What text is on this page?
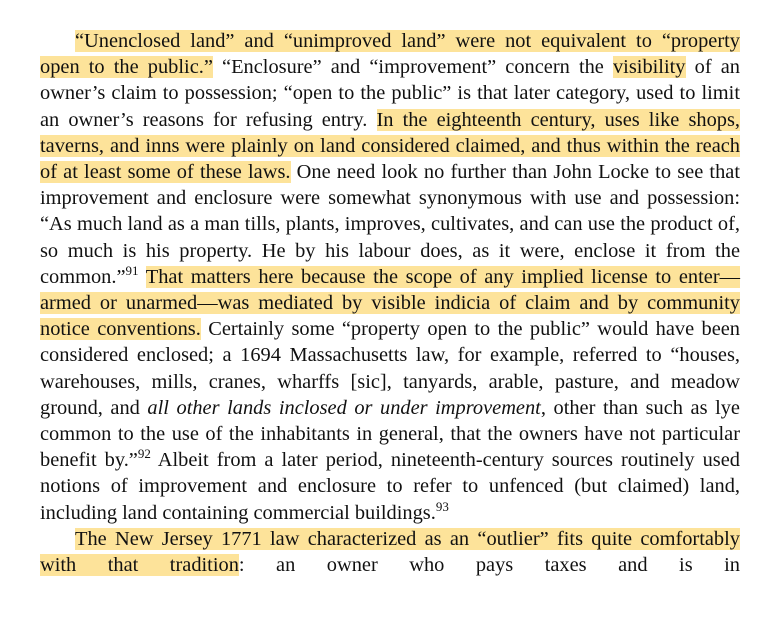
“Unenclosed land” and “unimproved land” were not equivalent to “property open to the public.” “Enclosure” and “improvement” concern the visibility of an owner’s claim to possession; “open to the public” is that later category, used to limit an owner’s reasons for refusing entry. In the eighteenth century, uses like shops, taverns, and inns were plainly on land considered claimed, and thus within the reach of at least some of these laws. One need look no further than John Locke to see that improvement and enclosure were somewhat synonymous with use and possession: “As much land as a man tills, plants, improves, cultivates, and can use the product of, so much is his property. He by his labour does, as it were, enclose it from the common.”$^{91}$ That matters here because the scope of any implied license to enter—armed or unarmed—was mediated by visible indicia of claim and by community notice conventions. Certainly some “property open to the public” would have been considered enclosed; a 1694 Massachusetts law, for example, referred to “houses, warehouses, mills, cranes, wharffs [sic], tanyards, arable, pasture, and meadow ground, and all other lands inclosed or under improvement, other than such as lye common to the use of the inhabitants in general, that the owners have not particular benefit by.”$^{92}$ Albeit from a later period, nineteenth-century sources routinely used notions of improvement and enclosure to refer to unfenced (but claimed) land, including land containing commercial buildings.$^{93}$

The New Jersey 1771 law characterized as an “outlier” fits quite comfortably with that tradition: an owner who pays taxes and is in
